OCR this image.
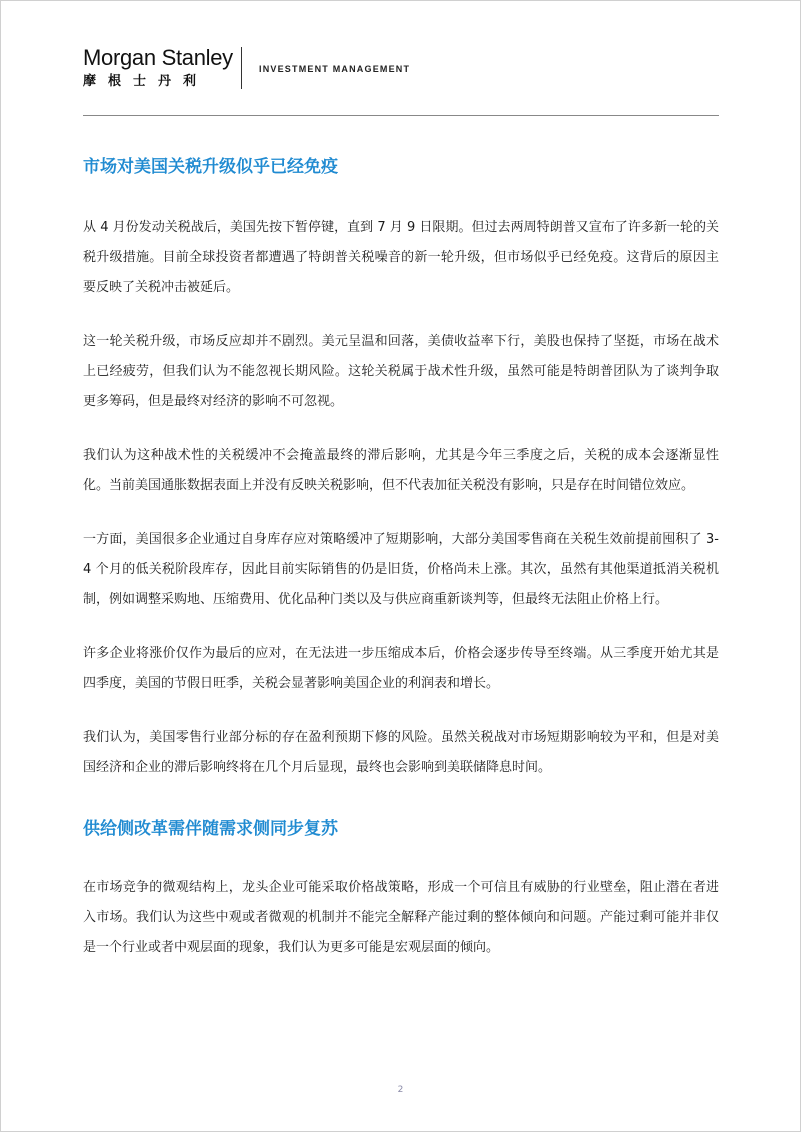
Morgan Stanley
摩根士丹利
INVESTMENT MANAGEMENT
市场对美国关税升级似乎已经免疫

从 4 月份发动关税战后，美国先按下暂停键，直到 7 月 9 日限期。但过去两周特朗普又宣布了许多新一轮的关税升级措施。目前全球投资者都遭遇了特朗普关税噪音的新一轮升级，但市场似乎已经免疫。这背后的原因主要反映了关税冲击被延后。

这一轮关税升级，市场反应却并不剧烈。美元呈温和回落，美债收益率下行，美股也保持了坚挺，市场在战术上已经疲劳，但我们认为不能忽视长期风险。这轮关税属于战术性升级，虽然可能是特朗普团队为了谈判争取更多筹码，但是最终对经济的影响不可忽视。

我们认为这种战术性的关税缓冲不会掩盖最终的滞后影响，尤其是今年三季度之后，关税的成本会逐渐显性化。当前美国通胀数据表面上并没有反映关税影响，但不代表加征关税没有影响，只是存在时间错位效应。

一方面，美国很多企业通过自身库存应对策略缓冲了短期影响，大部分美国零售商在关税生效前提前囤积了 3-4 个月的低关税阶段库存，因此目前实际销售的仍是旧货，价格尚未上涨。其次，虽然有其他渠道抵消关税机制，例如调整采购地、压缩费用、优化品种门类以及与供应商重新谈判等，但最终无法阻止价格上行。

许多企业将涨价仅作为最后的应对，在无法进一步压缩成本后，价格会逐步传导至终端。从三季度开始尤其是四季度，美国的节假日旺季，关税会显著影响美国企业的利润表和增长。

我们认为，美国零售行业部分标的存在盈利预期下修的风险。虽然关税战对市场短期影响较为平和，但是对美国经济和企业的滞后影响终将在几个月后显现，最终也会影响到美联储降息时间。

供给侧改革需伴随需求侧同步复苏

在市场竞争的微观结构上，龙头企业可能采取价格战策略，形成一个可信且有威胁的行业壁垒，阻止潜在者进入市场。我们认为这些中观或者微观的机制并不能完全解释产能过剩的整体倾向和问题。产能过剩可能并非仅是一个行业或者中观层面的现象，我们认为更多可能是宏观层面的倾向。

2
